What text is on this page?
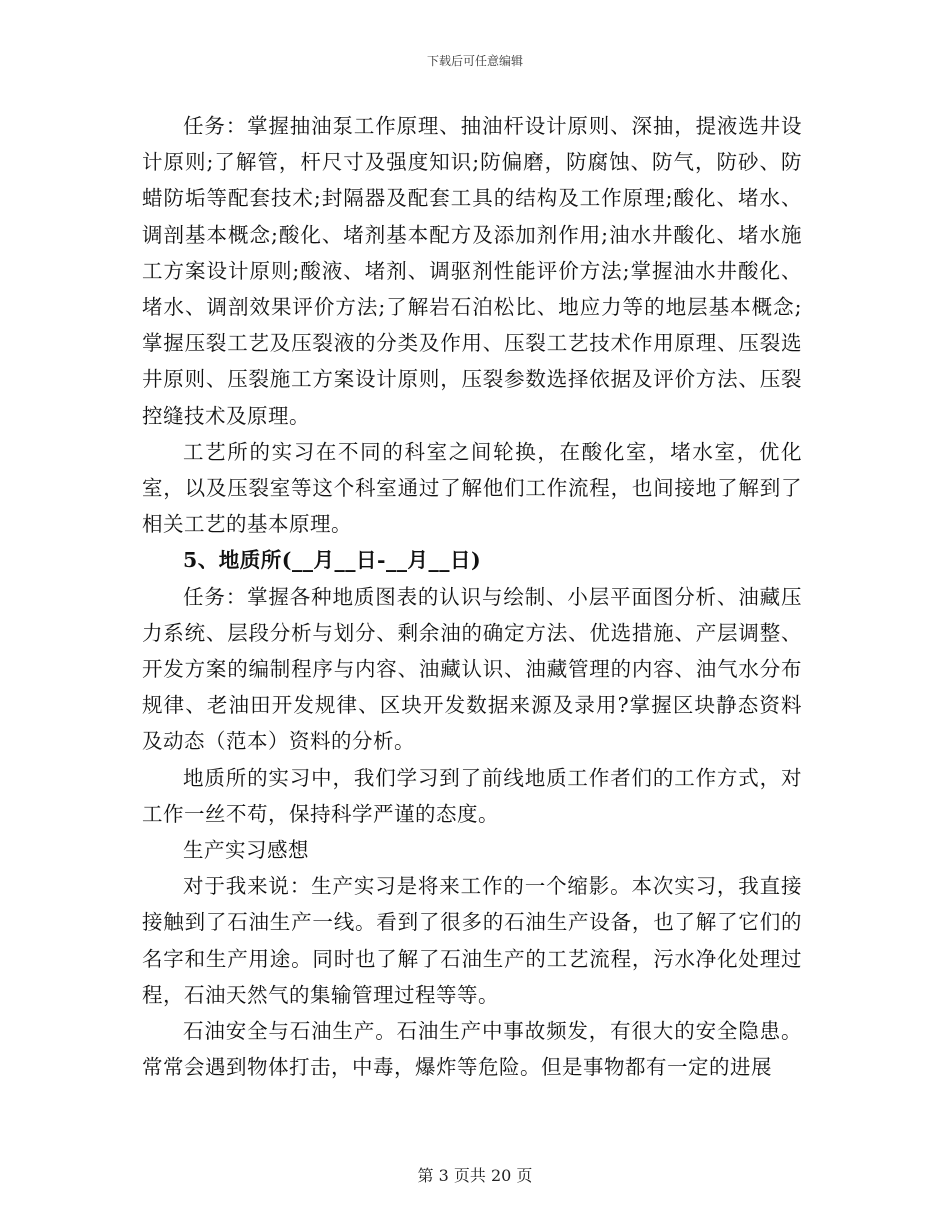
下载后可任意编辑

任务：掌握抽油泵工作原理、抽油杆设计原则、深抽，提液选井设计原则;了解管，杆尺寸及强度知识;防偏磨，防腐蚀、防气，防砂、防蜡防垢等配套技术;封隔器及配套工具的结构及工作原理;酸化、堵水、调剖基本概念;酸化、堵剂基本配方及添加剂作用;油水井酸化、堵水施工方案设计原则;酸液、堵剂、调驱剂性能评价方法;掌握油水井酸化、堵水、调剖效果评价方法;了解岩石泊松比、地应力等的地层基本概念;掌握压裂工艺及压裂液的分类及作用、压裂工艺技术作用原理、压裂选井原则、压裂施工方案设计原则，压裂参数选择依据及评价方法、压裂控缝技术及原理。

工艺所的实习在不同的科室之间轮换，在酸化室，堵水室，优化室，以及压裂室等这个科室通过了解他们工作流程，也间接地了解到了相关工艺的基本原理。

5、地质所(__月__日-__月__日)

任务：掌握各种地质图表的认识与绘制、小层平面图分析、油藏压力系统、层段分析与划分、剩余油的确定方法、优选措施、产层调整、开发方案的编制程序与内容、油藏认识、油藏管理的内容、油气水分布规律、老油田开发规律、区块开发数据来源及录用?掌握区块静态资料及动态（范本）资料的分析。

地质所的实习中，我们学习到了前线地质工作者们的工作方式，对工作一丝不苟，保持科学严谨的态度。

生产实习感想

对于我来说：生产实习是将来工作的一个缩影。本次实习，我直接接触到了石油生产一线。看到了很多的石油生产设备，也了解了它们的名字和生产用途。同时也了解了石油生产的工艺流程，污水净化处理过程，石油天然气的集输管理过程等等。

石油安全与石油生产。石油生产中事故频发，有很大的安全隐患。常常会遇到物体打击，中毒，爆炸等危险。但是事物都有一定的进展

第 3 页共 20 页
